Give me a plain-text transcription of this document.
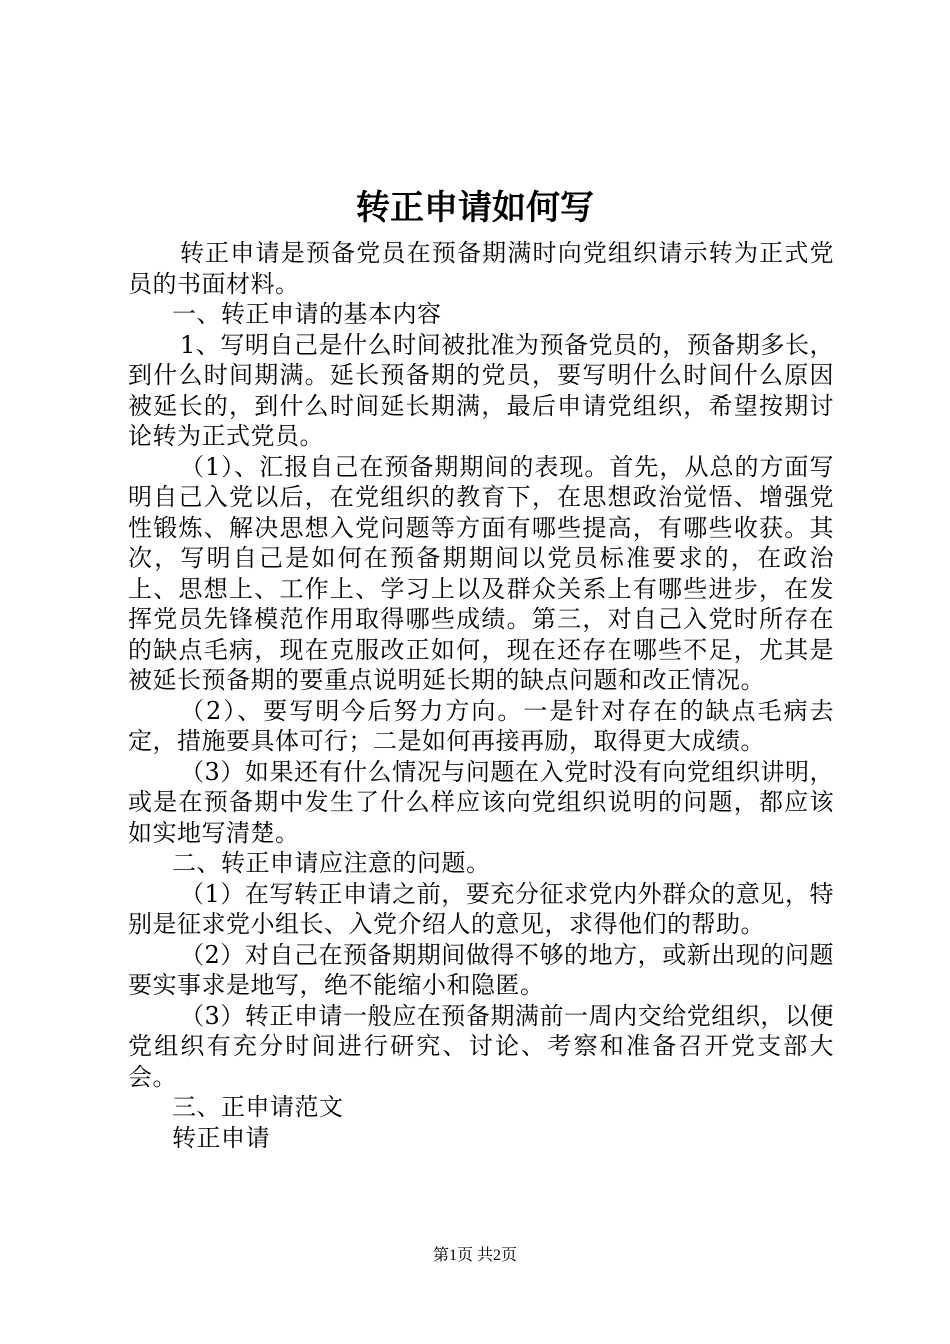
转正申请如何写

转正申请是预备党员在预备期满时向党组织请示转为正式党员的书面材料。

一、转正申请的基本内容

1、写明自己是什么时间被批准为预备党员的，预备期多长，到什么时间期满。延长预备期的党员，要写明什么时间什么原因被延长的，到什么时间延长期满，最后申请党组织，希望按期讨论转为正式党员。

（1）、汇报自己在预备期期间的表现。首先，从总的方面写明自己入党以后，在党组织的教育下，在思想政治觉悟、增强党性锻炼、解决思想入党问题等方面有哪些提高，有哪些收获。其次，写明自己是如何在预备期期间以党员标准要求的，在政治上、思想上、工作上、学习上以及群众关系上有哪些进步，在发挥党员先锋模范作用取得哪些成绩。第三，对自己入党时所存在的缺点毛病，现在克服改正如何，现在还存在哪些不足，尤其是被延长预备期的要重点说明延长期的缺点问题和改正情况。

（2）、要写明今后努力方向。一是针对存在的缺点毛病去定，措施要具体可行；二是如何再接再励，取得更大成绩。

（3）如果还有什么情况与问题在入党时没有向党组织讲明，或是在预备期中发生了什么样应该向党组织说明的问题，都应该如实地写清楚。

二、转正申请应注意的问题。

（1）在写转正申请之前，要充分征求党内外群众的意见，特别是征求党小组长、入党介绍人的意见，求得他们的帮助。

（2）对自己在预备期期间做得不够的地方，或新出现的问题要实事求是地写，绝不能缩小和隐匿。

（3）转正申请一般应在预备期满前一周内交给党组织，以便党组织有充分时间进行研究、讨论、考察和准备召开党支部大会。

三、正申请范文

转正申请

第1页 共2页
